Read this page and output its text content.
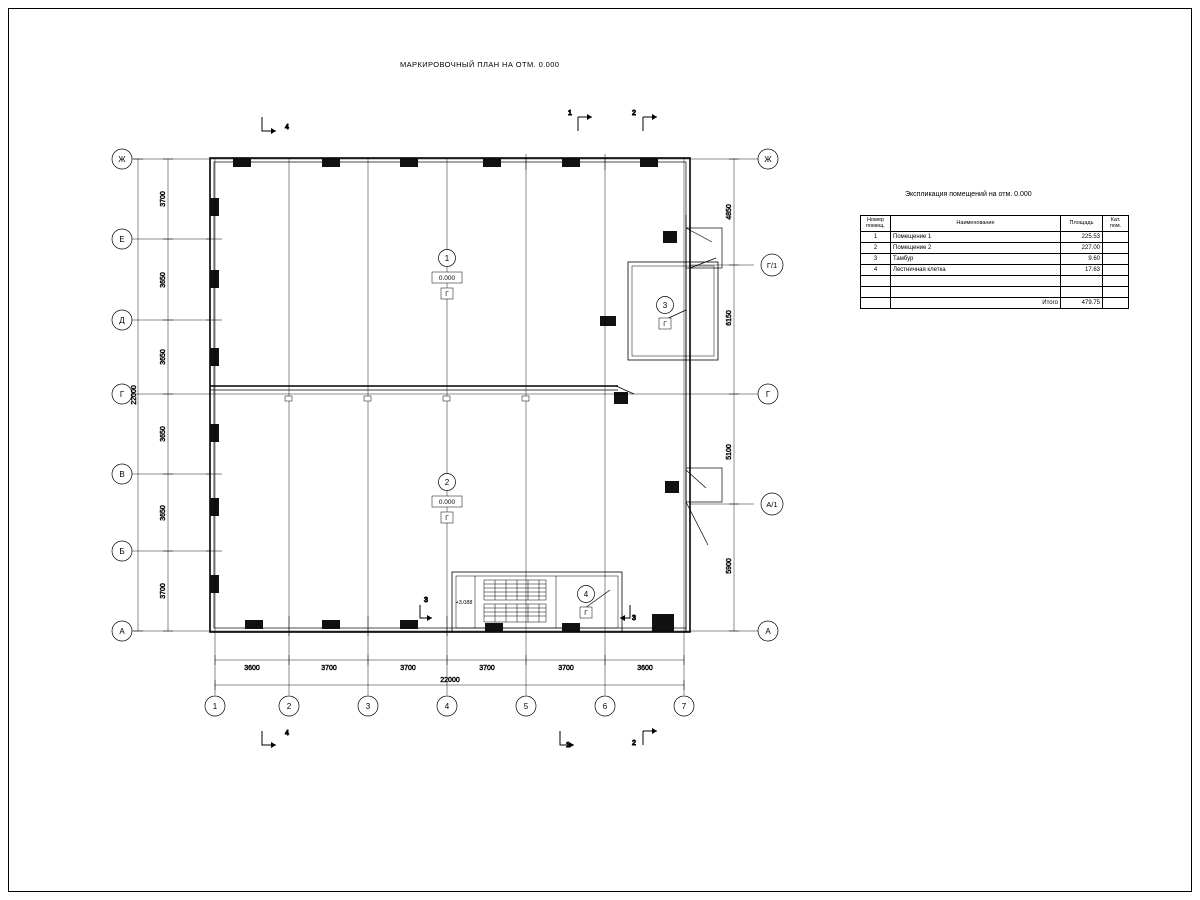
МАРКИРОВОЧНЫЙ ПЛАН НА ОТМ. 0.000
Ж
Е
Д
Г
В
Б
А
Ж
Г/1
Г
А/1
А
1	2	3	4	5	6	7
3700
3650
3650
3650
3650
3700
22000
4850
6150
5100
5900
3600	3700	3700	3700	3700	3600
22000
4
1	2
4
1	2
3
3
1
0.000
Г
2
0.000
Г
3
Г
4
Г
+3.088
Экспликация помещений на отм. 0.000
Номер
помещ.	Наименование	Площадь	Кат.
пом.
1	Помещение 1	225.53	
2	Помещение 2	227.00	
3	Тамбур	9.60	
4	Лестничная клетка	17.63	

	Итого	479.75	
